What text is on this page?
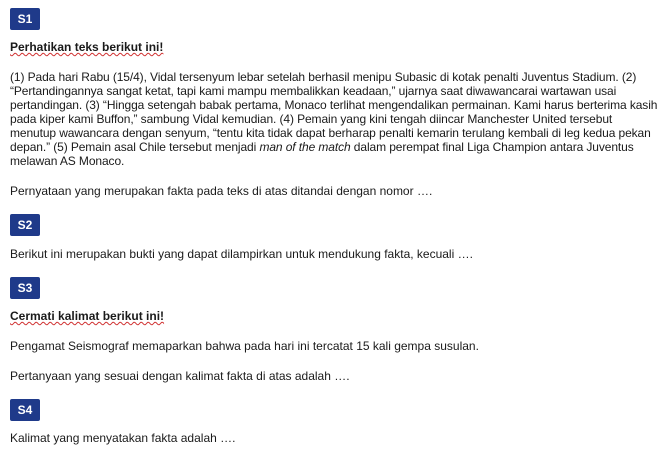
S1
Perhatikan teks berikut ini!
(1) Pada hari Rabu (15/4), Vidal tersenyum lebar setelah berhasil menipu Subasic di kotak penalti Juventus Stadium. (2) “Pertandingannya sangat ketat, tapi kami mampu membalikkan keadaan,” ujarnya saat diwawancarai wartawan usai pertandingan. (3) “Hingga setengah babak pertama, Monaco terlihat mengendalikan permainan. Kami harus berterima kasih pada kiper kami Buffon,” sambung Vidal kemudian. (4) Pemain yang kini tengah diincar Manchester United tersebut menutup wawancara dengan senyum, “tentu kita tidak dapat berharap penalti kemarin terulang kembali di leg kedua pekan depan.” (5) Pemain asal Chile tersebut menjadi man of the match dalam perempat final Liga Champion antara Juventus melawan AS Monaco.
Pernyataan yang merupakan fakta pada teks di atas ditandai dengan nomor ….
S2
Berikut ini merupakan bukti yang dapat dilampirkan untuk mendukung fakta, kecuali ….
S3
Cermati kalimat berikut ini!
Pengamat Seismograf memaparkan bahwa pada hari ini tercatat 15 kali gempa susulan.
Pertanyaan yang sesuai dengan kalimat fakta di atas adalah ….
S4
Kalimat yang menyatakan fakta adalah ….
